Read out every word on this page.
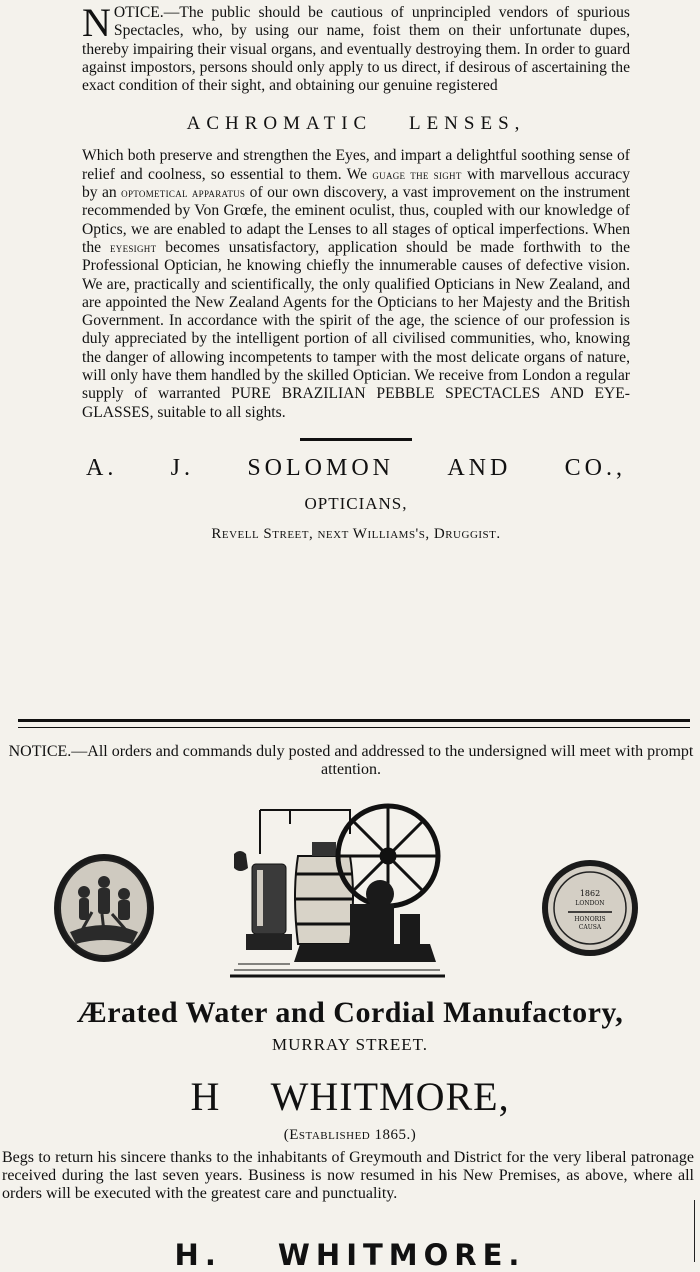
NOTICE.—The public should be cautious of unprincipled vendors of spurious Spectacles, who, by using our name, foist them on their unfortunate dupes, thereby impairing their visual organs, and eventually destroying them. In order to guard against impostors, persons should only apply to us direct, if desirous of ascertaining the exact condition of their sight, and obtaining our genuine registered

ACHROMATIC LENSES,

Which both preserve and strengthen the Eyes, and impart a delightful soothing sense of relief and coolness, so essential to them. We guage the sight with marvellous accuracy by an optometical apparatus of our own discovery, a vast improvement on the instrument recommended by Von Grœfe, the eminent oculist, thus, coupled with our knowledge of Optics, we are enabled to adapt the Lenses to all stages of optical imperfections. When the eyesight becomes unsatisfactory, application should be made forthwith to the Professional Optician, he knowing chiefly the innumerable causes of defective vision. We are, practically and scientifically, the only qualified Opticians in New Zealand, and are appointed the New Zealand Agents for the Opticians to her Majesty and the British Government. In accordance with the spirit of the age, the science of our profession is duly appreciated by the intelligent portion of all civilised communities, who, knowing the danger of allowing incompetents to tamper with the most delicate organs of nature, will only have them handled by the skilled Optician. We receive from London a regular supply of warranted PURE BRAZILIAN PEBBLE SPECTACLES AND EYE-GLASSES, suitable to all sights.

A. J. SOLOMON AND CO.,

OPTICIANS,

Revell Street, next Williams's, Druggist.

NOTICE.—All orders and commands duly posted and addressed to the undersigned will meet with prompt attention.

1862
LONDON
HONORIS
CAUSA

Ærated Water and Cordial Manufactory,

MURRAY STREET.

H WHITMORE,

(Established 1865.)

Begs to return his sincere thanks to the inhabitants of Greymouth and District for the very liberal patronage received during the last seven years. Business is now resumed in his New Premises, as above, where all orders will be executed with the greatest care and punctuality.

H. WHITMORE.
